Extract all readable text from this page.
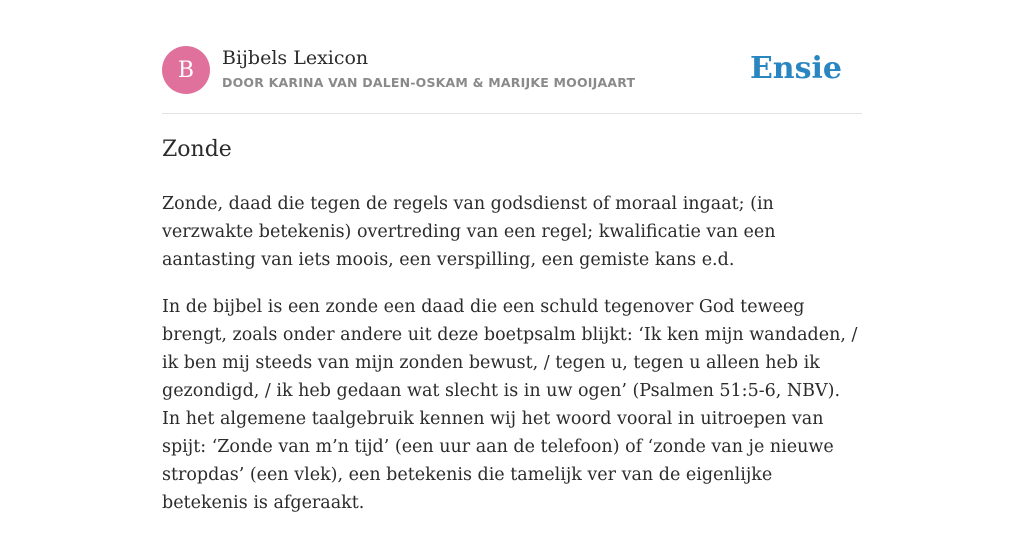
B Bijbels Lexicon
DOOR KARINA VAN DALEN-OSKAM & MARIJKE MOOIJAART	Ensie
Zonde

Zonde, daad die tegen de regels van godsdienst of moraal ingaat; (in verzwakte betekenis) overtreding van een regel; kwalificatie van een aantasting van iets moois, een verspilling, een gemiste kans e.d.

In de bijbel is een zonde een daad die een schuld tegenover God teweeg brengt, zoals onder andere uit deze boetpsalm blijkt: ‘Ik ken mijn wandaden, / ik ben mij steeds van mijn zonden bewust, / tegen u, tegen u alleen heb ik gezondigd, / ik heb gedaan wat slecht is in uw ogen’ (Psalmen 51:5-6, NBV). In het algemene taalgebruik kennen wij het woord vooral in uitroepen van spijt: ‘Zonde van m’n tijd’ (een uur aan de telefoon) of ‘zonde van je nieuwe stropdas’ (een vlek), een betekenis die tamelijk ver van de eigenlijke betekenis is afgeraakt.
